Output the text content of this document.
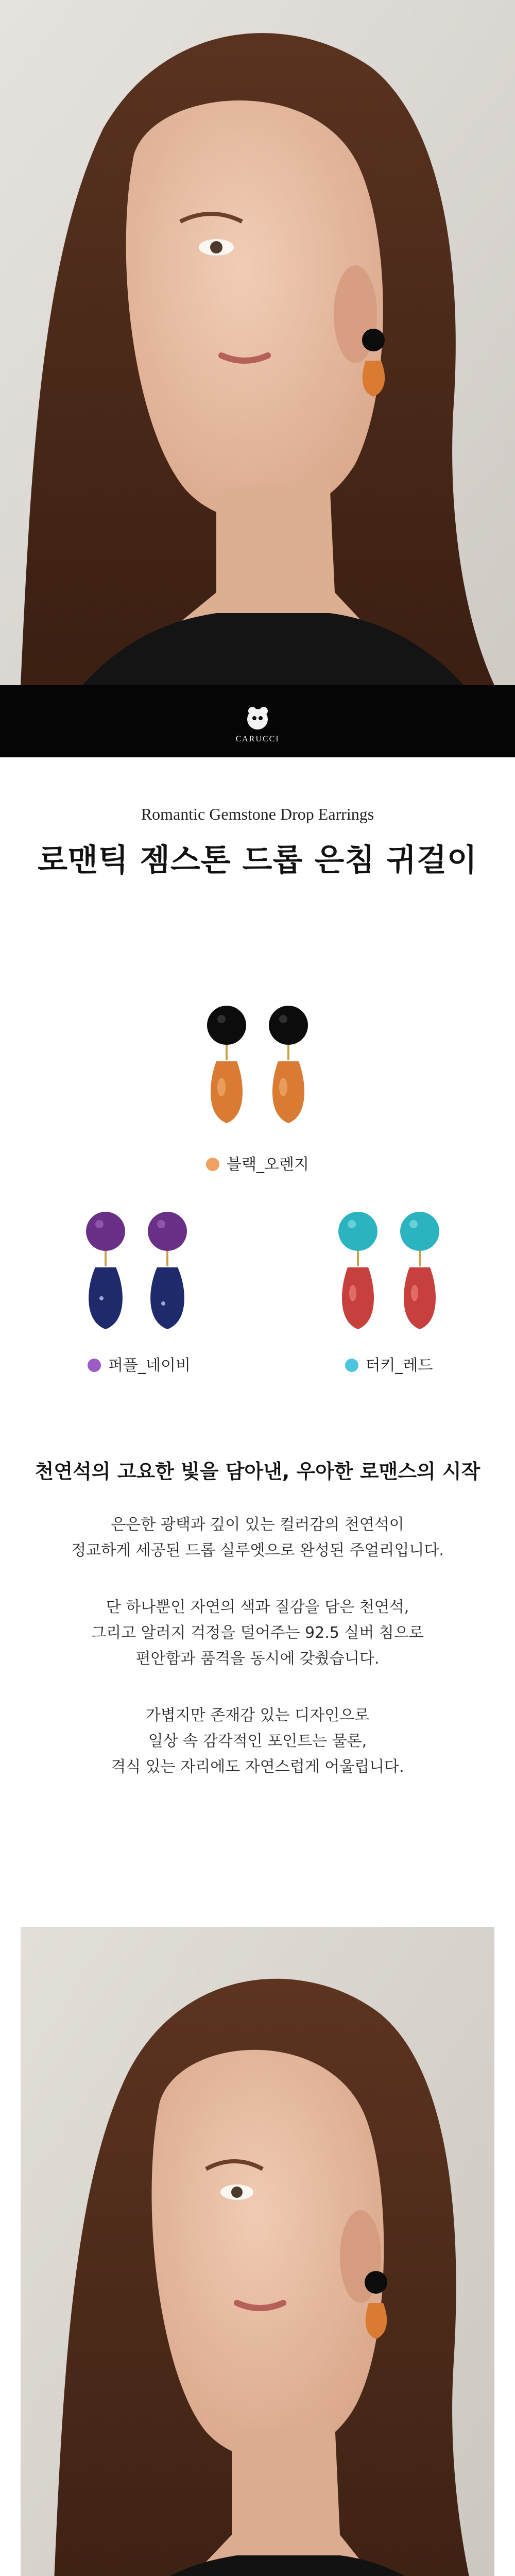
CARUCCI
Romantic Gemstone Drop Earrings
로맨틱 젬스톤 드롭 은침 귀걸이
블랙_오렌지
퍼플_네이비	터키_레드
천연석의 고요한 빛을 담아낸, 우아한 로맨스의 시작
은은한 광택과 깊이 있는 컬러감의 천연석이
정교하게 세공된 드롭 실루엣으로 완성된 주얼리입니다.
단 하나뿐인 자연의 색과 질감을 담은 천연석,
그리고 알러지 걱정을 덜어주는 92.5 실버 침으로
편안함과 품격을 동시에 갖췄습니다.
가볍지만 존재감 있는 디자인으로
일상 속 감각적인 포인트는 물론,
격식 있는 자리에도 자연스럽게 어울립니다.
